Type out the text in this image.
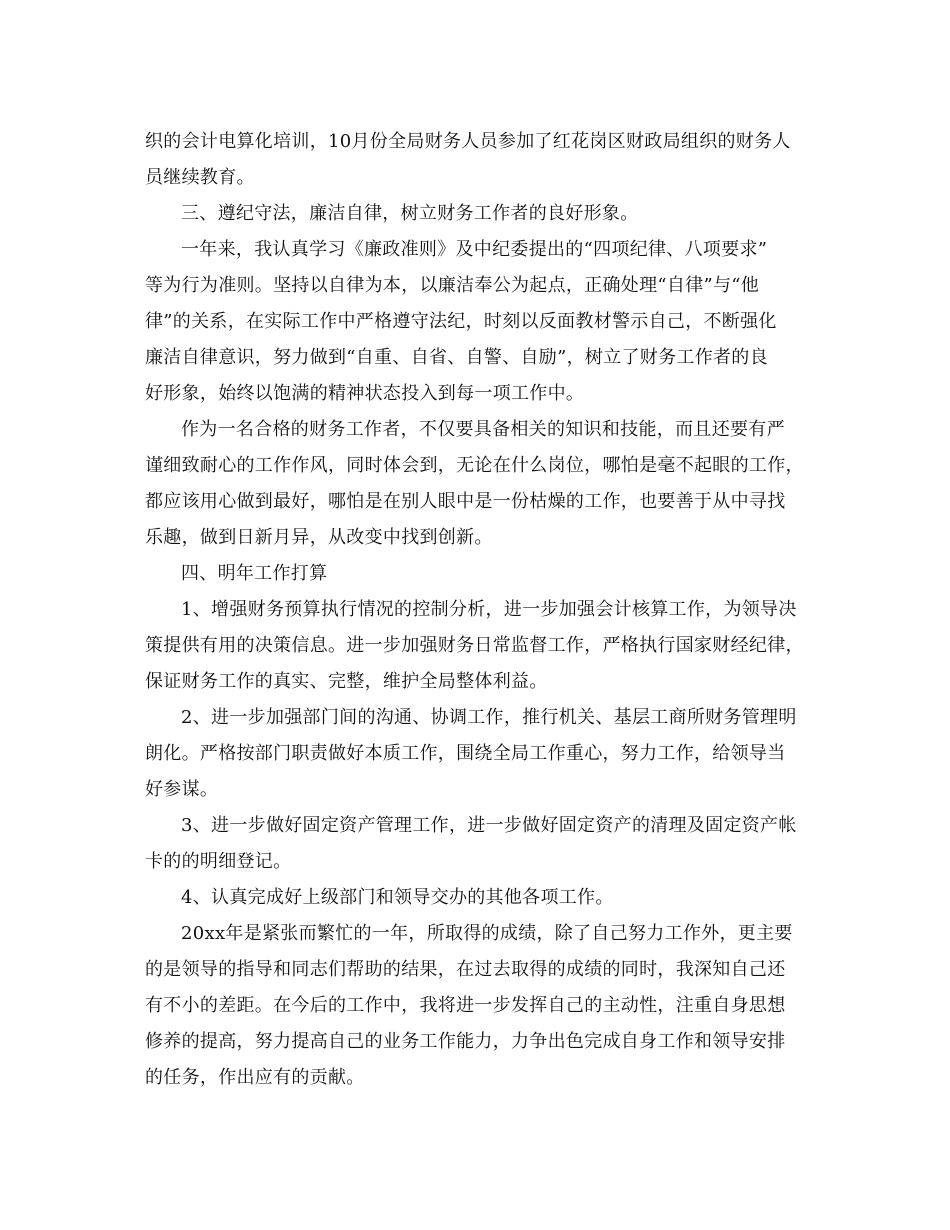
织的会计电算化培训，10月份全局财务人员参加了红花岗区财政局组织的财务人
员继续教育。
三、遵纪守法，廉洁自律，树立财务工作者的良好形象。
一年来，我认真学习《廉政准则》及中纪委提出的“四项纪律、八项要求”
等为行为准则。坚持以自律为本，以廉洁奉公为起点，正确处理“自律”与“他
律”的关系，在实际工作中严格遵守法纪，时刻以反面教材警示自己，不断强化
廉洁自律意识，努力做到“自重、自省、自警、自励”，树立了财务工作者的良
好形象，始终以饱满的精神状态投入到每一项工作中。
作为一名合格的财务工作者，不仅要具备相关的知识和技能，而且还要有严
谨细致耐心的工作作风，同时体会到，无论在什么岗位，哪怕是毫不起眼的工作，
都应该用心做到最好，哪怕是在别人眼中是一份枯燥的工作，也要善于从中寻找
乐趣，做到日新月异，从改变中找到创新。
四、明年工作打算
1、增强财务预算执行情况的控制分析，进一步加强会计核算工作，为领导决
策提供有用的决策信息。进一步加强财务日常监督工作，严格执行国家财经纪律，
保证财务工作的真实、完整，维护全局整体利益。
2、进一步加强部门间的沟通、协调工作，推行机关、基层工商所财务管理明
朗化。严格按部门职责做好本质工作，围绕全局工作重心，努力工作，给领导当
好参谋。
3、进一步做好固定资产管理工作，进一步做好固定资产的清理及固定资产帐
卡的的明细登记。
4、认真完成好上级部门和领导交办的其他各项工作。
20xx年是紧张而繁忙的一年，所取得的成绩，除了自己努力工作外，更主要
的是领导的指导和同志们帮助的结果，在过去取得的成绩的同时，我深知自己还
有不小的差距。在今后的工作中，我将进一步发挥自己的主动性，注重自身思想
修养的提高，努力提高自己的业务工作能力，力争出色完成自身工作和领导安排
的任务，作出应有的贡献。
